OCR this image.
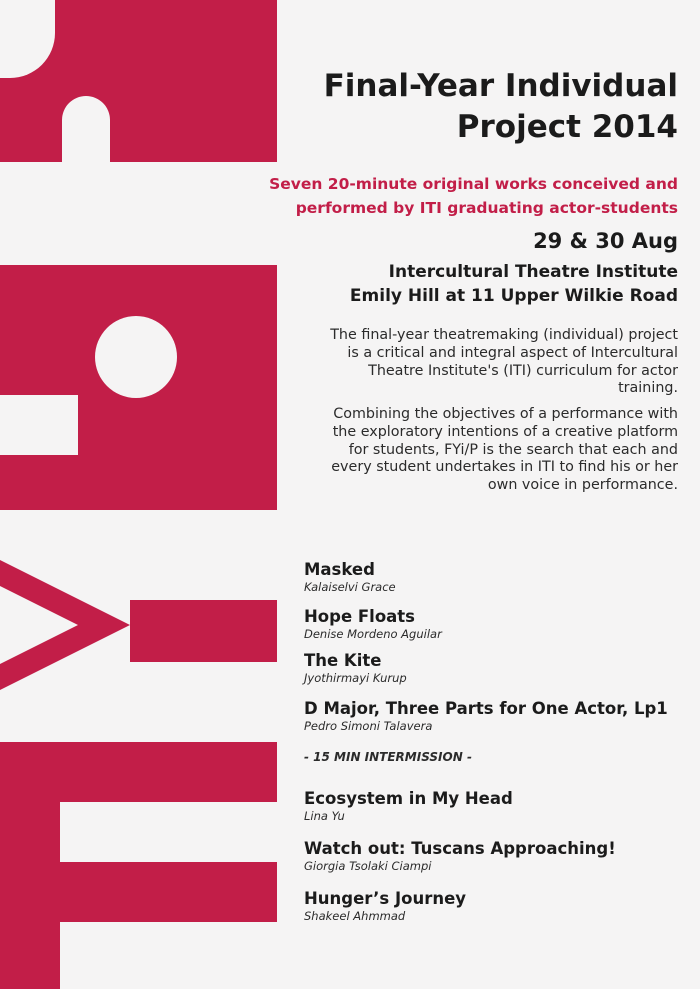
Final-Year Individual
Project 2014
Seven 20-minute original works conceived and
performed by ITI graduating actor-students
29 & 30 Aug
Intercultural Theatre Institute
Emily Hill at 11 Upper Wilkie Road
The final-year theatremaking (individual) project is a critical and integral aspect of Intercultural Theatre Institute's (ITI) curriculum for actor training.
Combining the objectives of a performance with the exploratory intentions of a creative platform for students, FYi/P is the search that each and every student undertakes in ITI to find his or her own voice in performance.
Masked
Kalaiselvi Grace
Hope Floats
Denise Mordeno Aguilar
The Kite
Jyothirmayi Kurup
D Major, Three Parts for One Actor, Lp1
Pedro Simoni Talavera
- 15 MIN INTERMISSION -
Ecosystem in My Head
Lina Yu
Watch out: Tuscans Approaching!
Giorgia Tsolaki Ciampi
Hunger’s Journey
Shakeel Ahmmad
